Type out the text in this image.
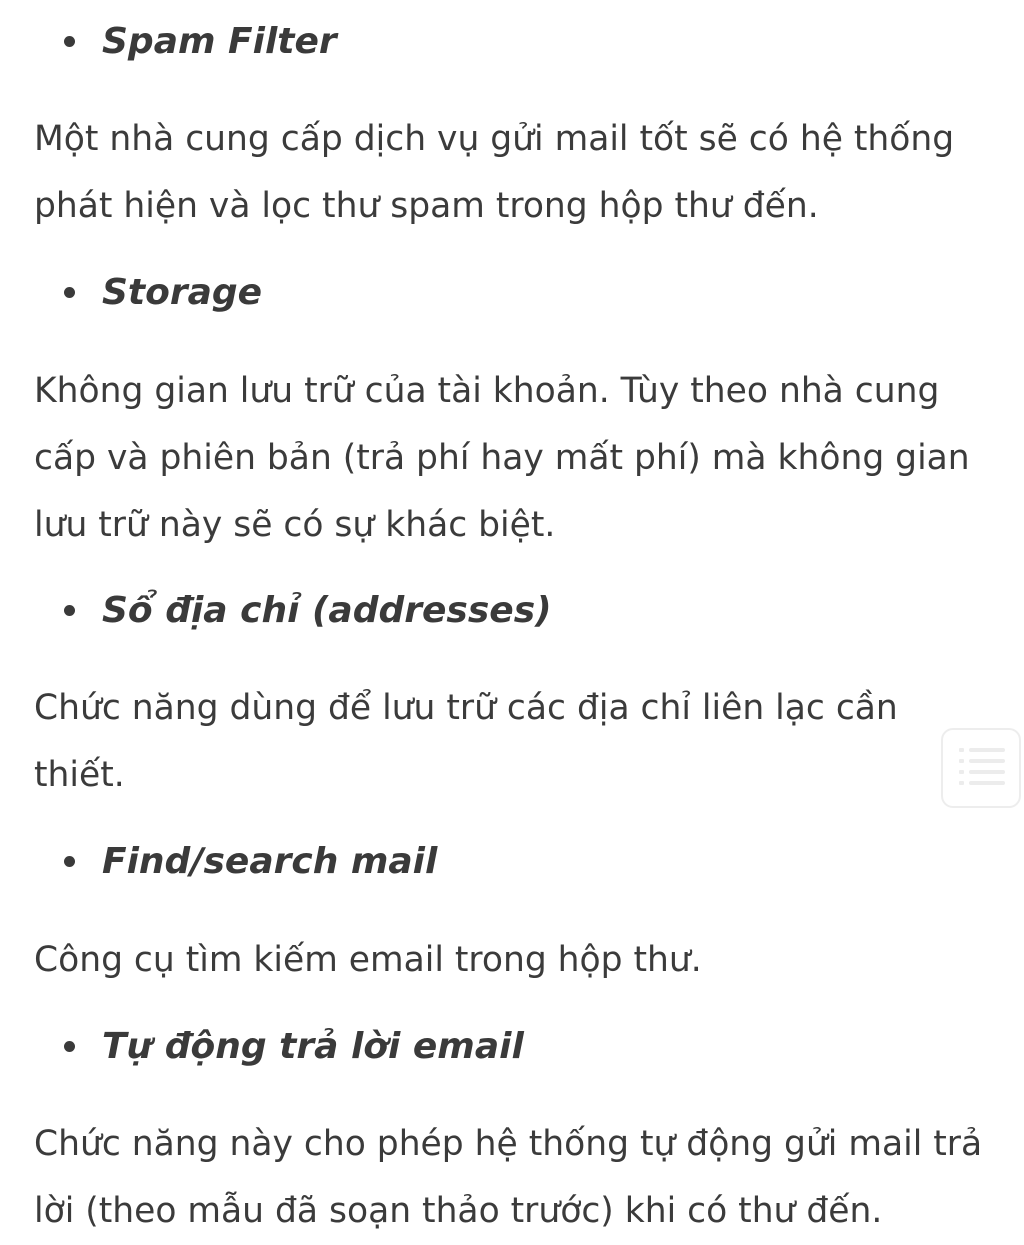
Spam Filter

Một nhà cung cấp dịch vụ gửi mail tốt sẽ có hệ thống
phát hiện và lọc thư spam trong hộp thư đến.

Storage

Không gian lưu trữ của tài khoản. Tùy theo nhà cung
cấp và phiên bản (trả phí hay mất phí) mà không gian
lưu trữ này sẽ có sự khác biệt.

Sổ địa chỉ (addresses)

Chức năng dùng để lưu trữ các địa chỉ liên lạc cần
thiết.

Find/search mail

Công cụ tìm kiếm email trong hộp thư.

Tự động trả lời email

Chức năng này cho phép hệ thống tự động gửi mail trả
lời (theo mẫu đã soạn thảo trước) khi có thư đến.
